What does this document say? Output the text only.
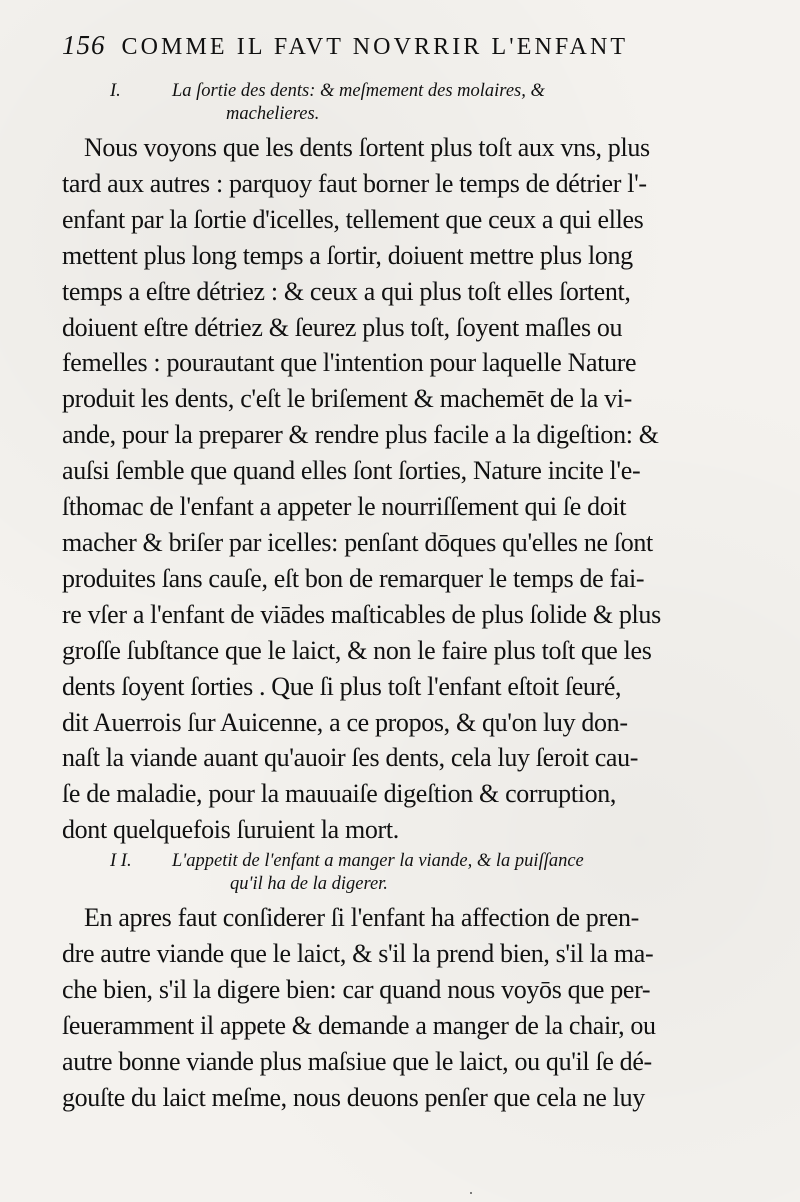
156 COMME IL FAVT NOVRRIR L'ENFANT
I.	La ſortie des dents: & meſmement des molaires, &
machelieres.
Nous voyons que les dents ſortent plus toſt aux vns, plus
tard aux autres : parquoy faut borner le temps de détrier l'-
enfant par la ſortie d'icelles, tellement que ceux a qui elles
mettent plus long temps a ſortir, doiuent mettre plus long
temps a eſtre détriez : & ceux a qui plus toſt elles ſortent,
doiuent eſtre détriez & ſeurez plus toſt, ſoyent maſles ou
femelles : pourautant que l'intention pour laquelle Nature
produit les dents, c'eſt le briſement & machemēt de la vi-
ande, pour la preparer & rendre plus facile a la digeſtion: &
auſsi ſemble que quand elles ſont ſorties, Nature incite l'e-
ſthomac de l'enfant a appeter le nourriſſement qui ſe doit
macher & briſer par icelles: penſant dōques qu'elles ne ſont
produites ſans cauſe, eſt bon de remarquer le temps de fai-
re vſer a l'enfant de viādes maſticables de plus ſolide & plus
groſſe ſubſtance que le laict, & non le faire plus toſt que les
dents ſoyent ſorties . Que ſi plus toſt l'enfant eſtoit ſeuré,
dit Auerrois ſur Auicenne, a ce propos, & qu'on luy don-
naſt la viande auant qu'auoir ſes dents, cela luy ſeroit cau-
ſe de maladie, pour la mauuaiſe digeſtion & corruption,
dont quelquefois ſuruient la mort.
I I. L'appetit de l'enfant a manger la viande, & la puiſſance
qu'il ha de la digerer.
En apres faut conſiderer ſi l'enfant ha affection de pren-
dre autre viande que le laict, & s'il la prend bien, s'il la ma-
che bien, s'il la digere bien: car quand nous voyōs que per-
ſeueramment il appete & demande a manger de la chair, ou
autre bonne viande plus maſsiue que le laict, ou qu'il ſe dé-
gouſte du laict meſme, nous deuons penſer que cela ne luy
